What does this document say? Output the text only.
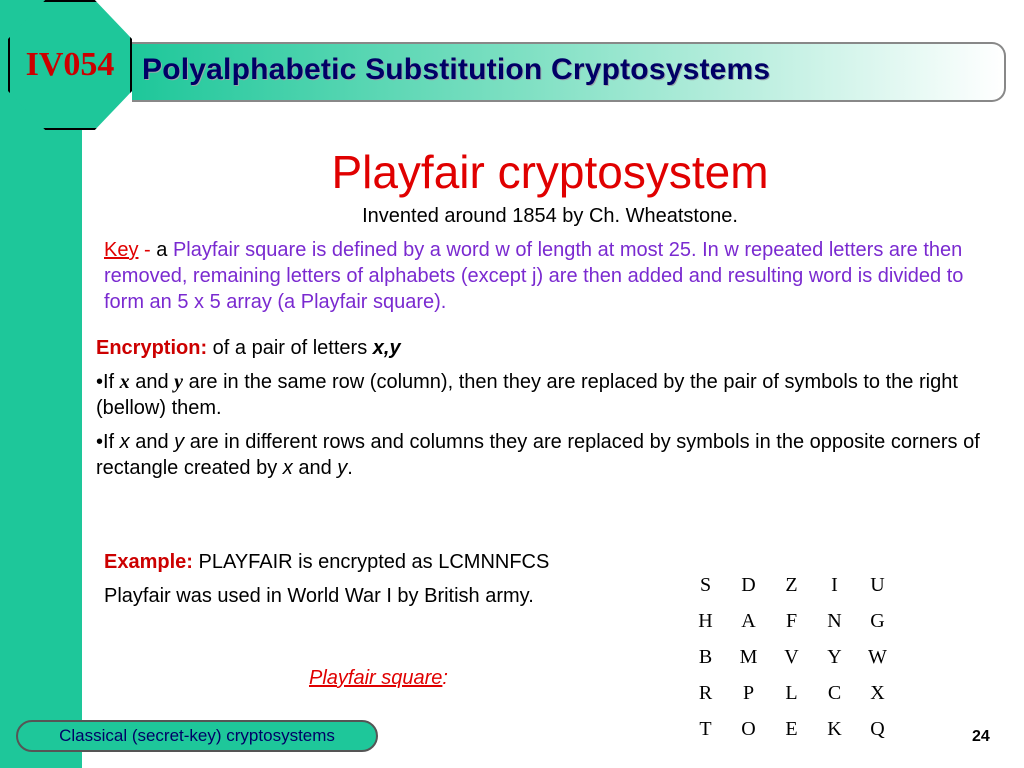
IV054 Polyalphabetic Substitution Cryptosystems
Playfair cryptosystem
Invented around 1854 by Ch. Wheatstone.
Key - a Playfair square is defined by a word w of length at most 25. In w repeated letters are then removed, remaining letters of alphabets (except j) are then added and resulting word is divided to form an 5 x 5 array (a Playfair square).

Encryption: of a pair of letters x,y

•If x and y are in the same row (column), then they are replaced by the pair of symbols to the right (bellow) them.

•If x and y are in different rows and columns they are replaced by symbols in the opposite corners of rectangle created by x and y.

Example: PLAYFAIR is encrypted as LCMNNFCS
Playfair was used in World War I by British army.
Playfair square:
S	D	Z	I	U
H	A	F	N	G
B	M	V	Y	W
R	P	L	C	X
T	O	E	K	Q
Classical (secret-key) cryptosystems	24
